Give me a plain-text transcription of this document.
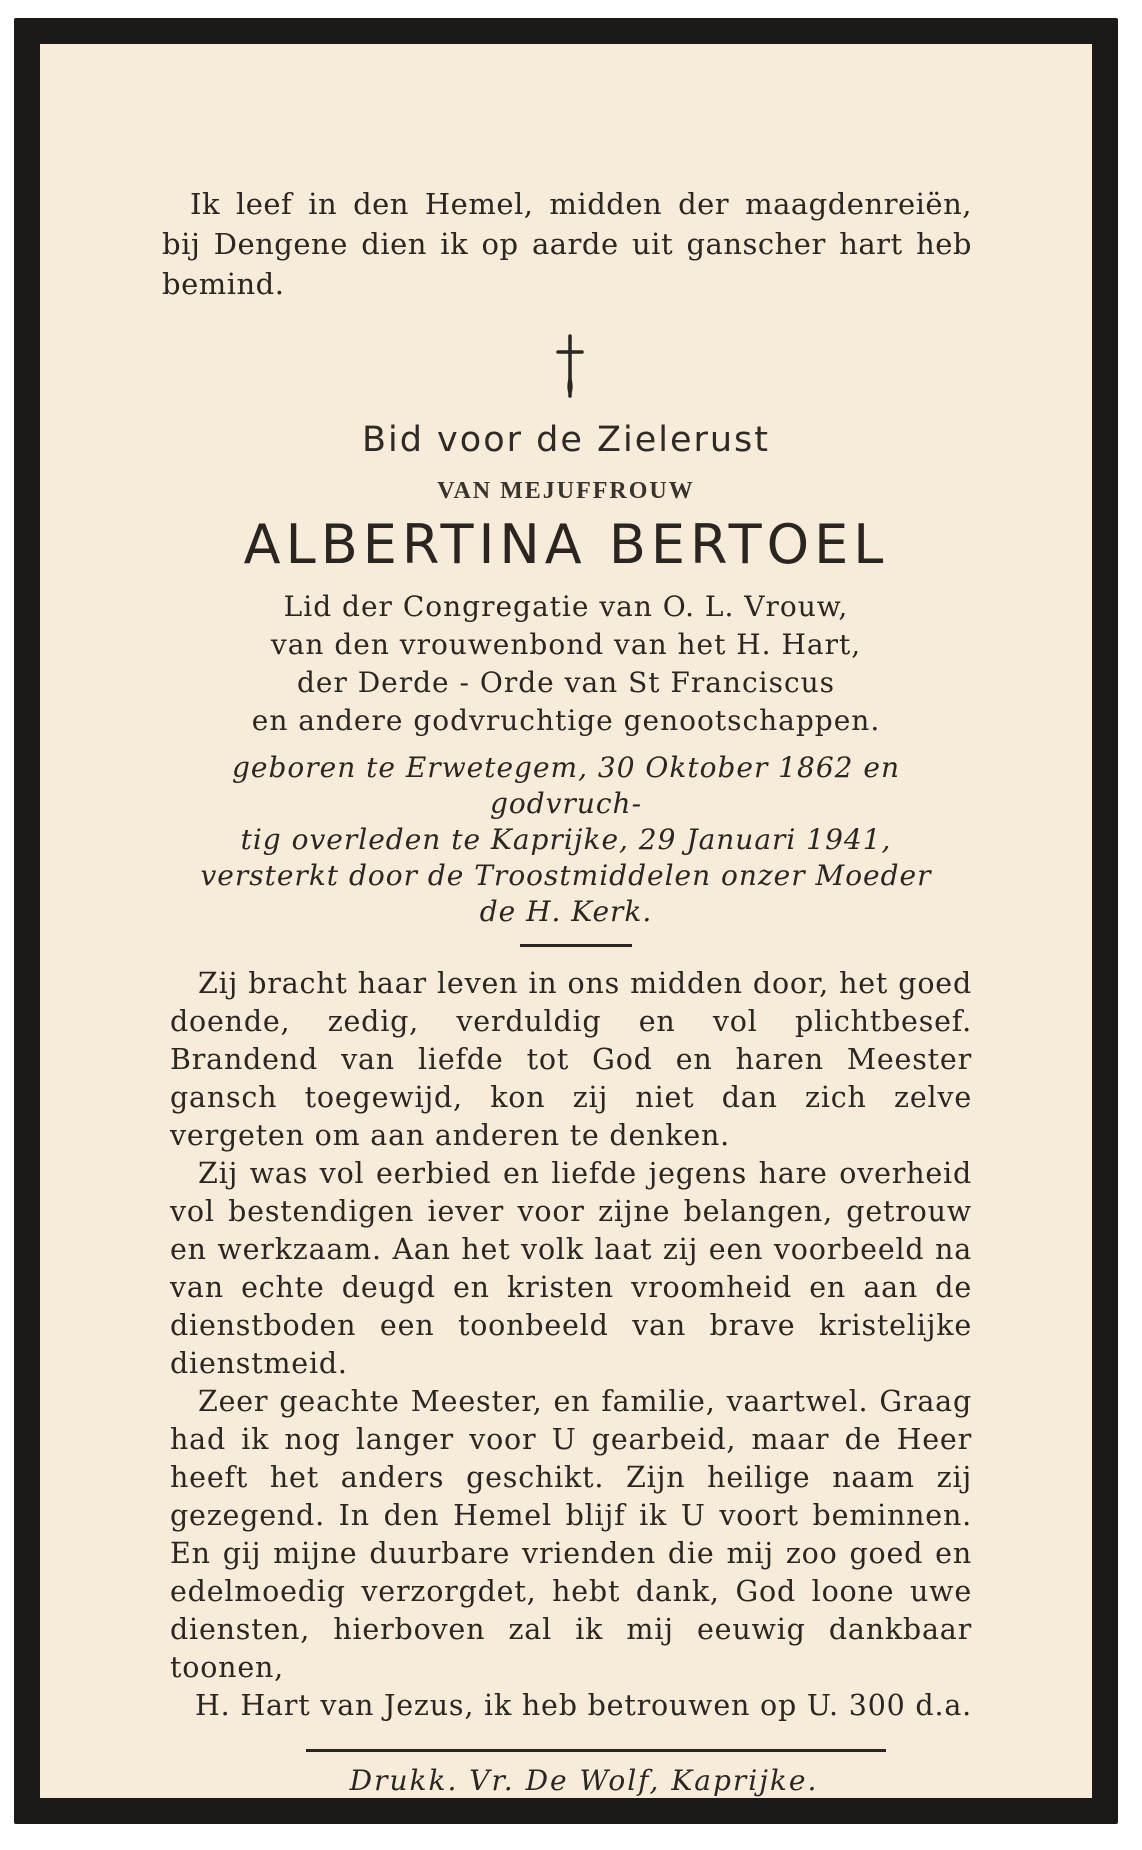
Ik leef in den Hemel, midden der maagdenreiën, bij Dengene dien ik op aarde uit ganscher hart heb bemind.
Bid voor de Zielerust
VAN MEJUFFROUW
ALBERTINA BERTOEL
Lid der Congregatie van O. L. Vrouw,
van den vrouwenbond van het H. Hart,
der Derde - Orde van St Franciscus
en andere godvruchtige genootschappen.
geboren te Erwetegem, 30 Oktober 1862 en godvruch-
tig overleden te Kaprijke, 29 Januari 1941,
versterkt door de Troostmiddelen onzer Moeder
de H. Kerk.

Zij bracht haar leven in ons midden door, het goed doende, zedig, verduldig en vol plichtbesef. Brandend van liefde tot God en haren Meester gansch toegewijd, kon zij niet dan zich zelve vergeten om aan anderen te denken.

Zij was vol eerbied en liefde jegens hare overheid vol bestendigen iever voor zijne belangen, getrouw en werkzaam. Aan het volk laat zij een voorbeeld na van echte deugd en kristen vroomheid en aan de dienstboden een toonbeeld van brave kristelijke dienstmeid.

Zeer geachte Meester, en familie, vaartwel. Graag had ik nog langer voor U gearbeid, maar de Heer heeft het anders geschikt. Zijn heilige naam zij gezegend. In den Hemel blijf ik U voort beminnen. En gij mijne duurbare vrienden die mij zoo goed en edelmoedig verzorgdet, hebt dank, God loone uwe diensten, hierboven zal ik mij eeuwig dankbaar toonen,

H. Hart van Jezus, ik heb betrouwen op U. 300 d.a.

Drukk. Vr. De Wolf, Kaprijke.
